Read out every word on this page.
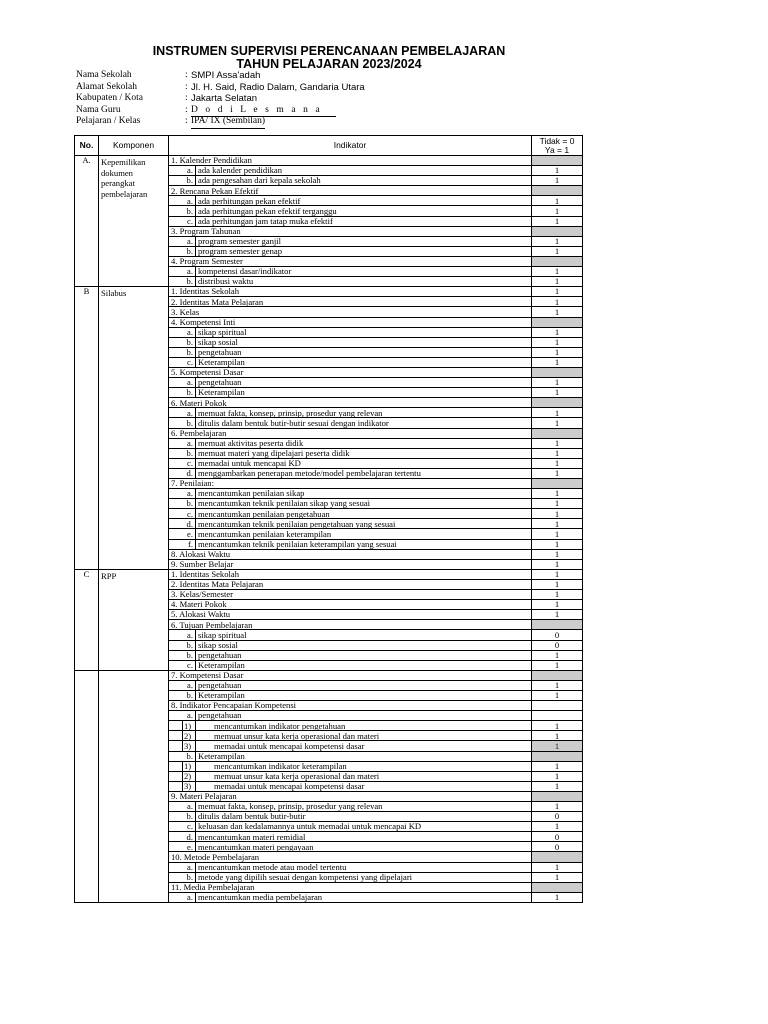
INSTRUMEN SUPERVISI PERENCANAAN PEMBELAJARAN
TAHUN PELAJARAN 2023/2024
Nama Sekolah	: SMPI Assa'adah
Alamat Sekolah	: Jl. H. Said, Radio Dalam, Gandaria Utara
Kabupaten / Kota	: Jakarta Selatan
Nama Guru	: D o d i L e s m a n a
Pelajaran / Kelas	: IPA/ IX (Sembilan)
No.	Komponen	Indikator			Tidak = 0
Ya = 1
A.	Kepemilikan dokumen perangkat pembelajaran	1. Kalender Pendidikan			
		a.		ada kalender pendidikan	1
		b.		ada pengesahan dari kepala sekolah	1
		2. Rencana Pekan Efektif			
		a.		ada perhitungan pekan efektif	1
		b.		ada perhitungan pekan efektif terganggu	1
		c.		ada perhitungan jam tatap muka efektif	1
		3. Program Tahunan			
		a.		program semester ganjil	1
		b.		program semester genap	1
		4. Program Semester			
		a.		kompetensi dasar/indikator	1
		b.		distribusi waktu	1
B	Silabus	1. Identitas Sekolah			1
		2. Identitas Mata Pelajaran			1
		3. Kelas			1
		4. Kompetensi Inti			
		a.		sikap spiritual	1
		b.		sikap sosial	1
		b.		pengetahuan	1
		c.		Keterampilan	1
		5. Kompetensi Dasar			
		a.		pengetahuan	1
		b.		Keterampilan	1
		6. Materi Pokok			
		a.		memuat fakta, konsep, prinsip, prosedur yang relevan	1
		b.		ditulis dalam bentuk butir-butir sesuai dengan indikator	1
		6. Pembelajaran			
		a.		memuat aktivitas peserta didik	1
		b.		memuat materi yang dipelajari peserta didik	1
		c.		memadai untuk mencapai KD	1
		d.		menggambarkan penerapan metode/model pembelajaran tertentu	1
		7. Penilaian:			
		a.		mencantumkan penilaian sikap	1
		b.		mencantumkan teknik penilaian sikap yang sesuai	1
		c.		mencantumkan penilaian pengetahuan	1
		d.		mencantumkan teknik penilaian pengetahuan yang sesuai	1
		e.		mencantumkan penilaian keterampilan	1
		f.		mencantumkan teknik penilaian keterampilan yang sesuai	1
		8. Alokasi Waktu			1
		9. Sumber Belajar			1
C	RPP	1. Identitas Sekolah			1
		2. Identitas Mata Pelajaran			1
		3. Kelas/Semester			1
		4. Materi Pokok			1
		5. Alokasi Waktu			1
		6. Tujuan Pembelajaran			
		a.		sikap spiritual	0
		b.		sikap sosial	0
		b.		pengetahuan	1
		c.		Keterampilan	1
		7. Kompetensi Dasar			
		a.		pengetahuan	1
		b.		Keterampilan	1
		8. Indikator Pencapaian Kompetensi			
		a.		pengetahuan	
			1)	mencantumkan indikator pengetahuan	1
			2)	memuat unsur kata kerja operasional dan materi	1
			3)	memadai untuk mencapai kompetensi dasar	1
		b.		Keterampilan	
			1)	mencantumkan indikator keterampilan	1
			2)	memuat unsur kata kerja operasional dan materi	1
			3)	memadai untuk mencapai kompetensi dasar	1
		9. Materi Pelajaran			
		a.		memuat fakta, konsep, prinsip, prosedur yang relevan	1
		b.		ditulis dalam bentuk butir-butir	0
		c.		keluasan dan kedalamannya untuk memadai untuk mencapai KD	1
		d.		mencantumkan materi remidial	0
		e.		mencantumkan materi pengayaan	0
		10. Metode Pembelajaran			
		a.		mencantumkan metode atau model tertentu	1
		b.		metode yang dipilih sesuai dengan kompetensi yang dipelajari	1
		11. Media Pembelajaran			
		a.		mencantumkan media pembelajaran	1
